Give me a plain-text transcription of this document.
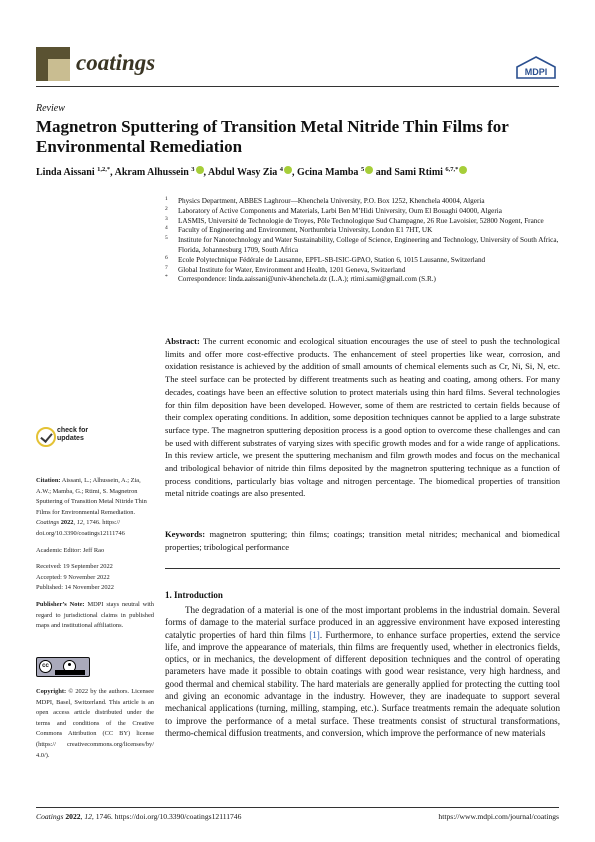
coatings	MDPI
Review
Magnetron Sputtering of Transition Metal Nitride Thin Films for Environmental Remediation
Linda Aissani $^{1,2,*}$, Akram Alhussein $^3$ , Abdul Wasy Zia $^4$ , Gcina Mamba $^5$ and Sami Rtimi $^{6,7,*}$
1 Physics Department, ABBES Laghrour—Khenchela University, P.O. Box 1252, Khenchela 40004, Algeria
2 Laboratory of Active Components and Materials, Larbi Ben M’Hidi University, Oum El Bouaghi 04000, Algeria
3 LASMIS, Université de Technologie de Troyes, Pôle Technologique Sud Champagne, 26 Rue Lavoisier, 52800 Nogent, France
4 Faculty of Engineering and Environment, Northumbria University, London E1 7HT, UK
5 Institute for Nanotechnology and Water Sustainability, College of Science, Engineering and Technology, University of South Africa, Florida, Johannesburg 1709, South Africa
6 Ecole Polytechnique Fédérale de Lausanne, EPFL-SB-ISIC-GPAO, Station 6, 1015 Lausanne, Switzerland
7 Global Institute for Water, Environment and Health, 1201 Geneva, Switzerland
* Correspondence: linda.aaissani@univ-khenchela.dz (L.A.); rtimi.sami@gmail.com (S.R.)
Abstract: The current economic and ecological situation encourages the use of steel to push the technological limits and offer more cost-effective products. The enhancement of steel properties like wear, corrosion, and oxidation resistance is achieved by the addition of small amounts of chemical elements such as Cr, Ni, Si, N, etc. The steel surface can be protected by different treatments such as heating and coating, among others. For many decades, coatings have been an effective solution to protect materials using thin hard films. Several technologies for thin film deposition have been developed. However, some of them are restricted to certain fields because of their complex operating conditions. In addition, some deposition techniques cannot be applied to a large substrate surface type. The magnetron sputtering deposition process is a good option to overcome these challenges and can be used with different substrates of varying sizes with specific growth modes and for a wide range of applications. In this review article, we present the sputtering mechanism and film growth modes and focus on the mechanical and tribological behavior of nitride thin films deposited by the magnetron sputtering technique as a function of process conditions, particularly bias voltage and nitrogen percentage. The biomedical properties of transition metal nitride coatings are also presented.
Keywords: magnetron sputtering; thin films; coatings; transition metal nitrides; mechanical and biomedical properties; tribological performance
check for
updates
Citation: Aissani, L.; Alhussein, A.; Zia, A.W.; Mamba, G.; Rtimi, S. Magnetron Sputtering of Transition Metal Nitride Thin Films for Environmental Remediation. Coatings 2022, 12, 1746. https:// doi.org/10.3390/coatings12111746
Academic Editor: Jeff Rao
Received: 19 September 2022
Accepted: 9 November 2022
Published: 14 November 2022
Publisher’s Note: MDPI stays neutral with regard to jurisdictional claims in published maps and institutional affiliations.
cc
Copyright: © 2022 by the authors. Licensee MDPI, Basel, Switzerland. This article is an open access article distributed under the terms and conditions of the Creative Commons Attribution (CC BY) license (https:// creativecommons.org/licenses/by/ 4.0/).
1. Introduction
The degradation of a material is one of the most important problems in the industrial domain. Several forms of damage to the material surface produced in an aggressive environment have exposed interesting catalytic properties of hard thin films [1]. Furthermore, to enhance surface properties, extend the service life, and improve the appearance of materials, thin films are frequently used, whether in electronics fields, optics, or in mechanics, the development of different deposition techniques and the control of operating parameters have made it possible to obtain coatings with good wear resistance, very high hardness, and good thermal and chemical stability. The hard materials are generally applied for protecting the cutting tool and giving an economic advantage in the industry. However, they are inadequate to support several mechanical applications (turning, milling, stamping, etc.). Surface treatments remain the adequate solution to improve the performance of a metal surface. These treatments consist of structural transformations, thermo-chemical diffusion treatments, and conversion, which improve the performance of new materials
Coatings 2022, 12, 1746. https://doi.org/10.3390/coatings12111746	https://www.mdpi.com/journal/coatings
